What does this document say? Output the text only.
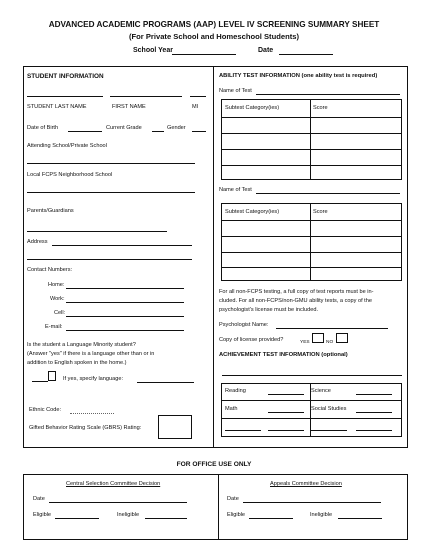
ADVANCED ACADEMIC PROGRAMS (AAP) LEVEL IV SCREENING SUMMARY SHEET
(For Private School and Homeschool Students)
School Year	Date
STUDENT INFORMATION
STUDENT LAST NAME	FIRST NAME	MI
Date of Birth	Current Grade	Gender
Attending School/Private School
Local FCPS Neighborhood School
Parents/Guardians
Address
Contact Numbers:
Home:
Work:
Cell:
E-mail:
Is the student a Language Minority student?
(Answer "yes" if there is a language other than or in
addition to English spoken in the home.)
If yes, specify language:
Ethnic Code:
Gifted Behavior Rating Scale (GBRS) Rating:
ABILITY TEST INFORMATION (one ability test is required)
Name of Test
Subtest Category(ies)	Score
Name of Test
Subtest Category(ies)	Score
For all non-FCPS testing, a full copy of test reports must be in-
cluded. For all non-FCPS/non-GMU ability tests, a copy of the
psychologist's license must be included.
Psychologist Name:
Copy of license provided?	YES	NO
ACHIEVEMENT TEST INFORMATION (optional)
Reading	Science
Math	Social Studies
FOR OFFICE USE ONLY
Central Selection Committee Decision
Date
Eligible	Ineligible
Appeals Committee Decision
Date
Eligible	Ineligible
